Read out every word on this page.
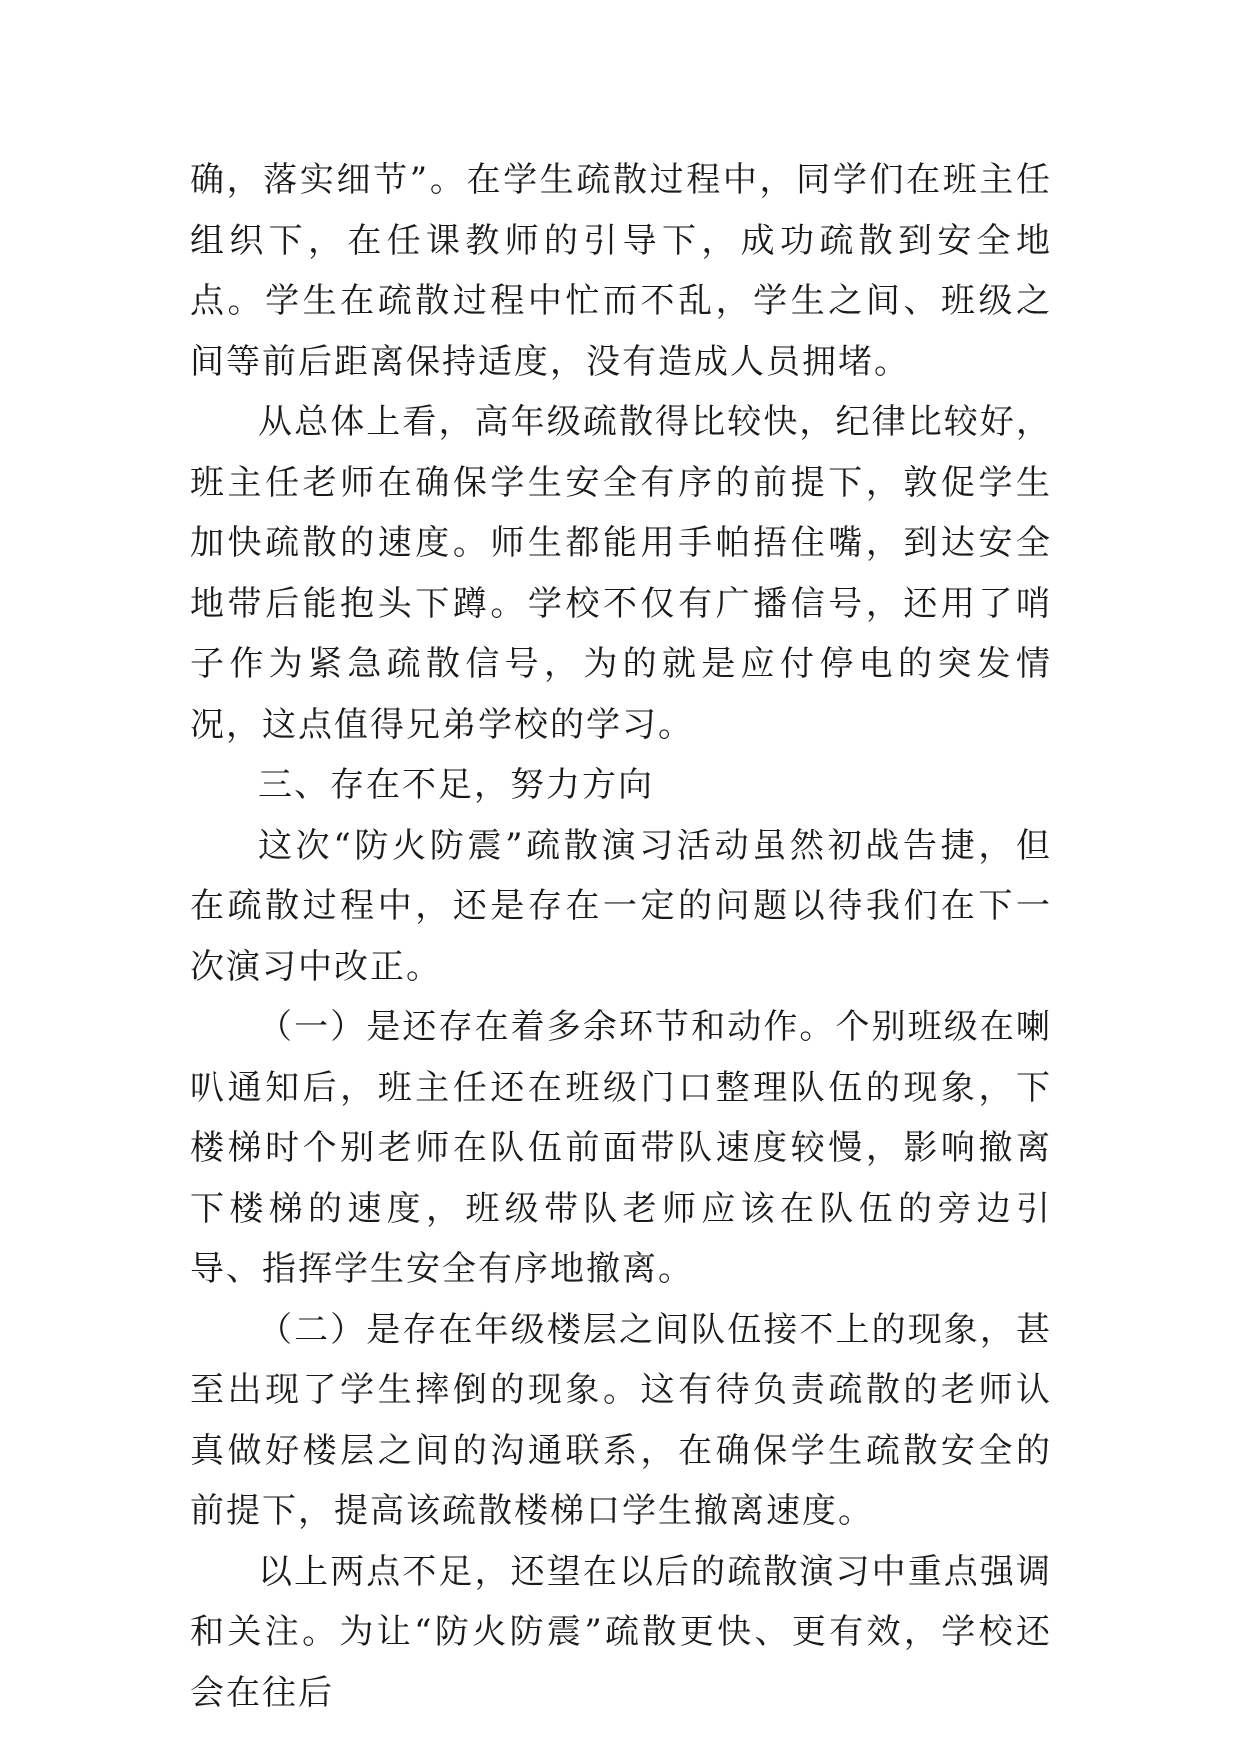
确，落实细节”。在学生疏散过程中，同学们在班主任组织下，在任课教师的引导下，成功疏散到安全地点。学生在疏散过程中忙而不乱，学生之间、班级之间等前后距离保持适度，没有造成人员拥堵。

从总体上看，高年级疏散得比较快，纪律比较好，班主任老师在确保学生安全有序的前提下，敦促学生加快疏散的速度。师生都能用手帕捂住嘴，到达安全地带后能抱头下蹲。学校不仅有广播信号，还用了哨子作为紧急疏散信号，为的就是应付停电的突发情况，这点值得兄弟学校的学习。

三、存在不足，努力方向

这次“防火防震”疏散演习活动虽然初战告捷，但在疏散过程中，还是存在一定的问题以待我们在下一次演习中改正。

（一）是还存在着多余环节和动作。个别班级在喇叭通知后，班主任还在班级门口整理队伍的现象，下楼梯时个别老师在队伍前面带队速度较慢，影响撤离下楼梯的速度，班级带队老师应该在队伍的旁边引导、指挥学生安全有序地撤离。

（二）是存在年级楼层之间队伍接不上的现象，甚至出现了学生摔倒的现象。这有待负责疏散的老师认真做好楼层之间的沟通联系，在确保学生疏散安全的前提下，提高该疏散楼梯口学生撤离速度。

以上两点不足，还望在以后的疏散演习中重点强调和关注。为让“防火防震”疏散更快、更有效，学校还会在往后
